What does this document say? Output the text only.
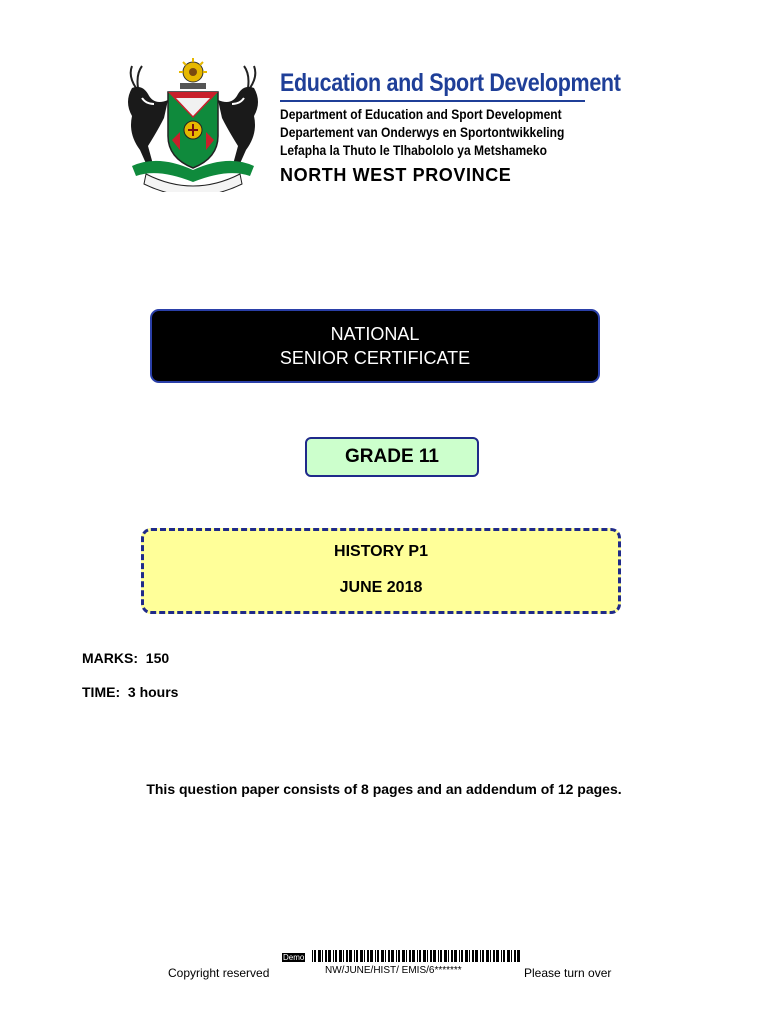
Education and Sport Development
Department of Education and Sport Development
Departement van Onderwys en Sportontwikkeling
Lefapha la Thuto le Tlhabololo ya Metshameko
NORTH WEST PROVINCE
NATIONAL
SENIOR CERTIFICATE
GRADE 11
HISTORY P1
JUNE 2018
MARKS: 150
TIME: 3 hours
This question paper consists of 8 pages and an addendum of 12 pages.
Demo
Copyright reserved	NW/JUNE/HIST/ EMIS/6*******	Please turn over
